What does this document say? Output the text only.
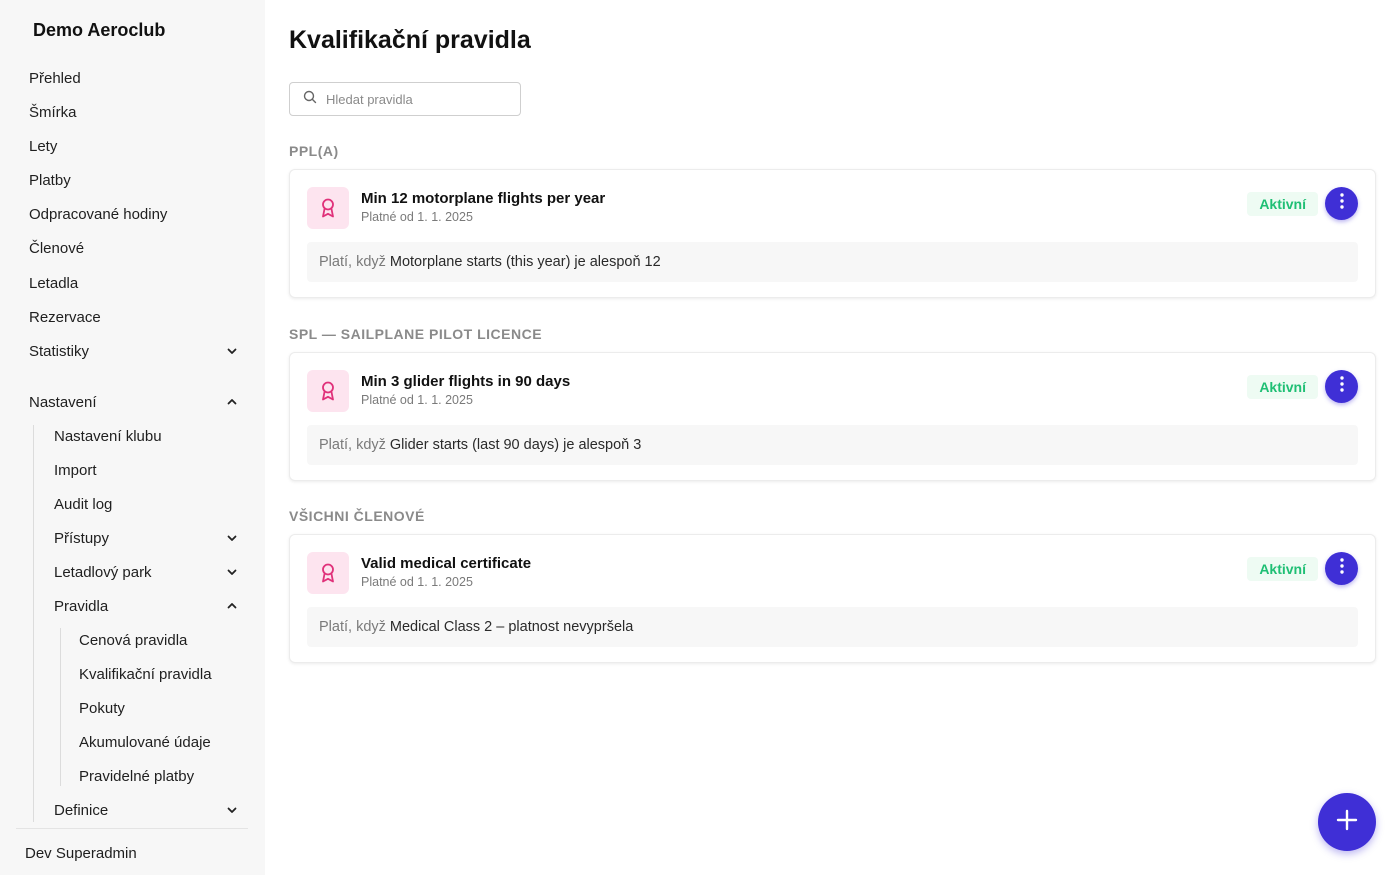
Demo Aeroclub
Přehled
Šmírka
Lety
Platby
Odpracované hodiny
Členové
Letadla
Rezervace
Statistiky
Nastavení
Nastavení klubu
Import
Audit log
Přístupy
Letadlový park
Pravidla
Cenová pravidla
Kvalifikační pravidla
Pokuty
Akumulované údaje
Pravidelné platby
Definice
Dev Superadmin
Kvalifikační pravidla
Hledat pravidla
PPL(A)
Min 12 motorplane flights per year
Platné od 1. 1. 2025
Aktivní
Platí, když Motorplane starts (this year) je alespoň 12
SPL — SAILPLANE PILOT LICENCE
Min 3 glider flights in 90 days
Platné od 1. 1. 2025
Aktivní
Platí, když Glider starts (last 90 days) je alespoň 3
VŠICHNI ČLENOVÉ
Valid medical certificate
Platné od 1. 1. 2025
Aktivní
Platí, když Medical Class 2 – platnost nevypršela
